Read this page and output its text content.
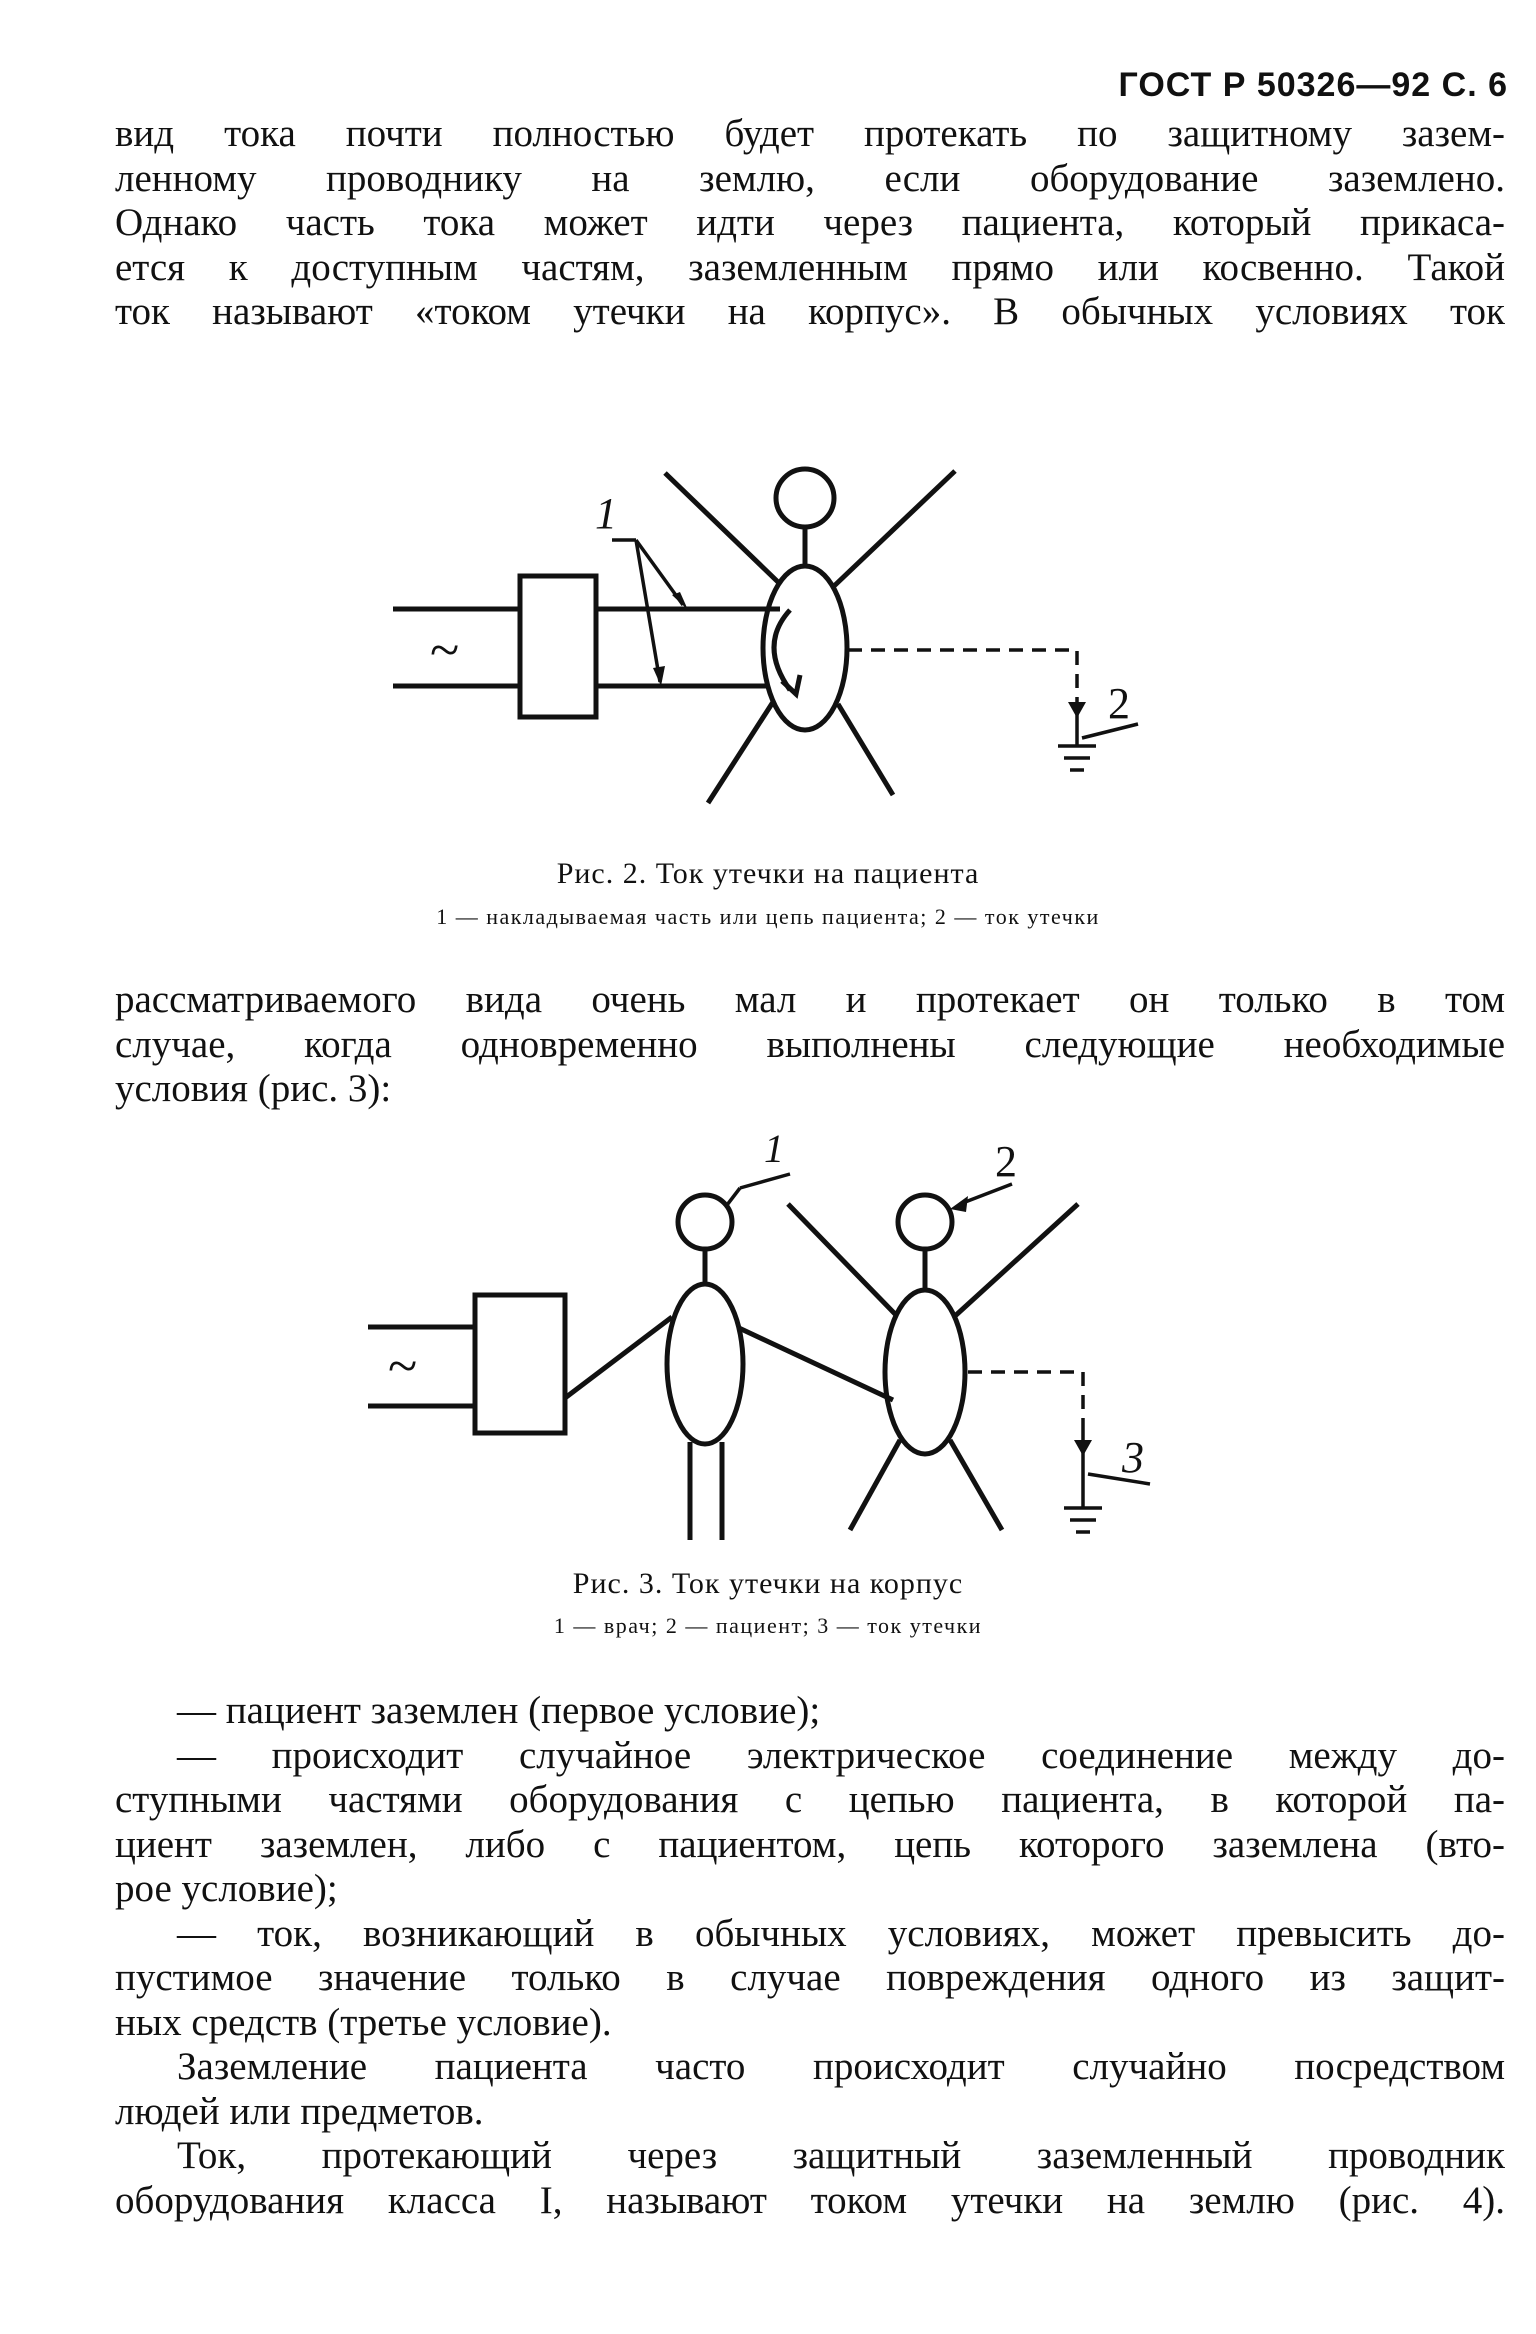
ГОСТ Р 50326—92 С. 6
вид тока почти полностью будет протекать по защитному зазем-
ленному проводнику на землю, если оборудование заземлено.
Однако часть тока может идти через пациента, который прикаса-
ется к доступным частям, заземленным прямо или косвенно. Такой
ток называют «током утечки на корпус». В обычных условиях ток
~
2
1
Рис. 2. Ток утечки на пациента
1 — накладываемая часть или цепь пациента; 2 — ток утечки
рассматриваемого вида очень мал и протекает он только в том
случае, когда одновременно выполнены следующие необходимые
условия (рис. 3):
~
3
1	2
Рис. 3. Ток утечки на корпус
1 — врач; 2 — пациент; 3 — ток утечки
— пациент заземлен (первое условие);
— происходит случайное электрическое соединение между до-
ступными частями оборудования с цепью пациента, в которой па-
циент заземлен, либо с пациентом, цепь которого заземлена (вто-
рое условие);
— ток, возникающий в обычных условиях, может превысить до-
пустимое значение только в случае повреждения одного из защит-
ных средств (третье условие).
Заземление пациента часто происходит случайно посредством
людей или предметов.
Ток, протекающий через защитный заземленный проводник
оборудования класса I, называют током утечки на землю (рис. 4).
